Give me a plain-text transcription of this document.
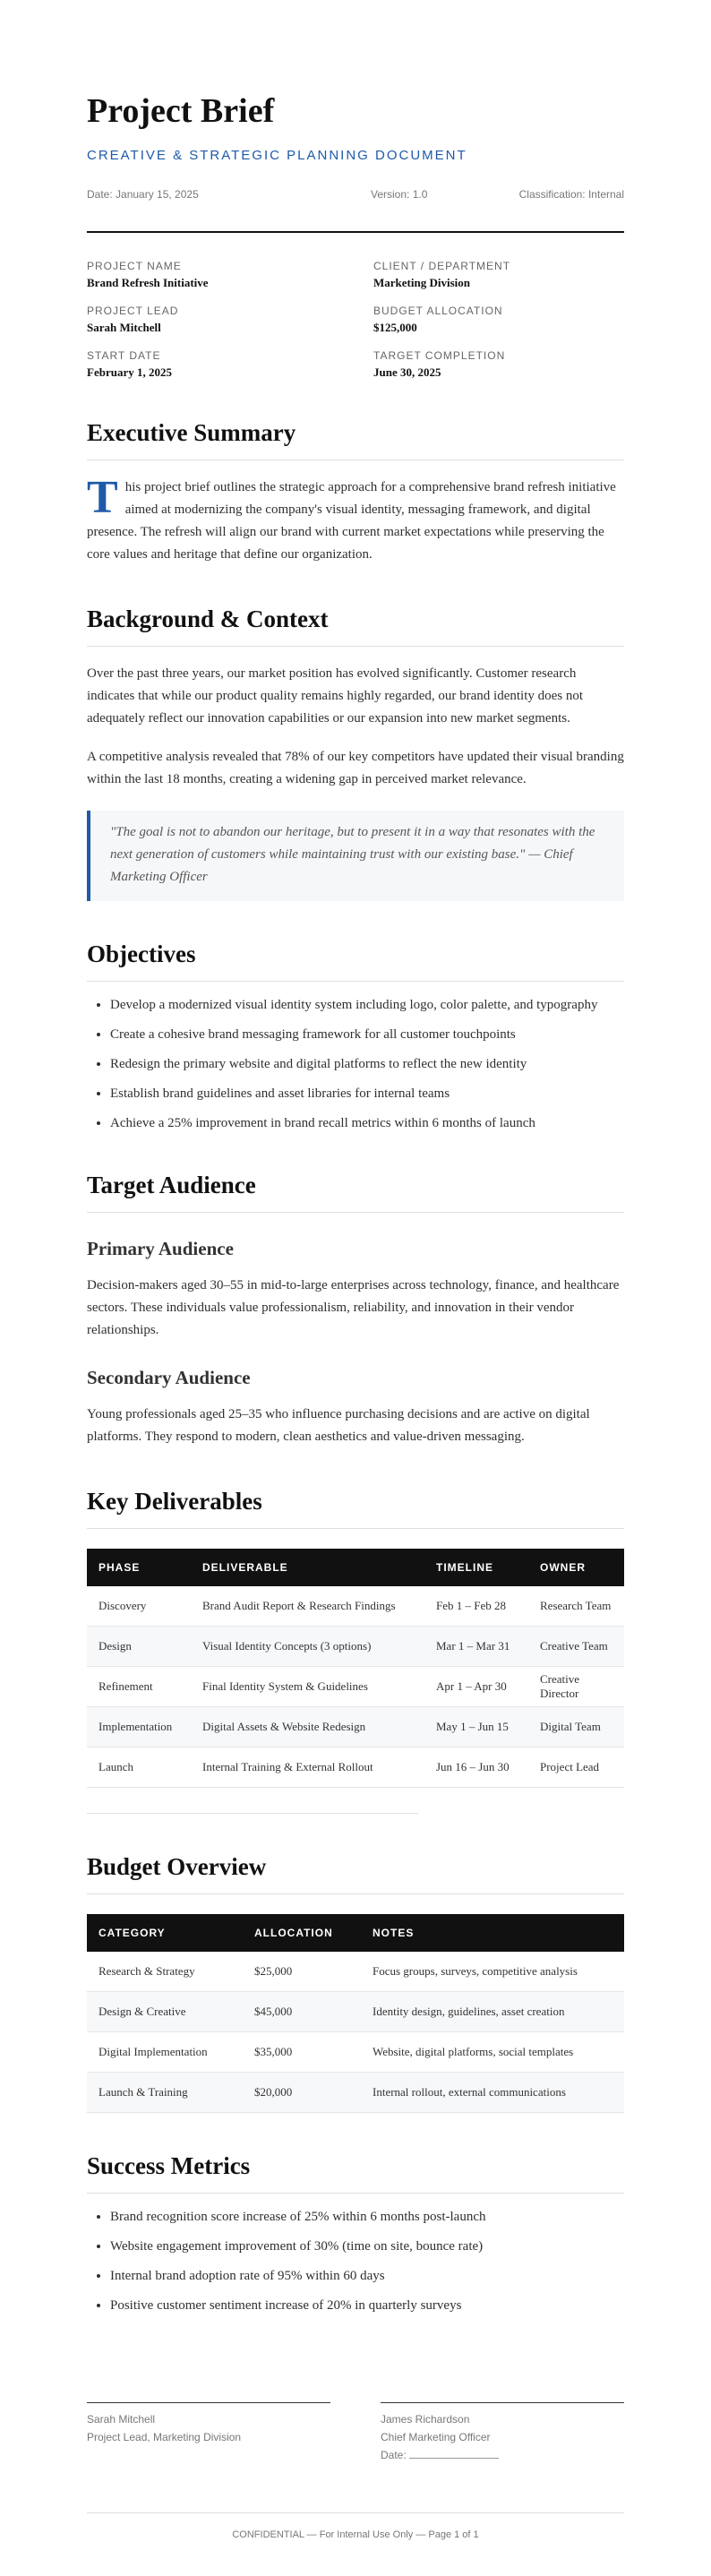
Project Brief
CREATIVE & STRATEGIC PLANNING DOCUMENT
Date: January 15, 2025	Version: 1.0	Classification: Internal
PROJECT NAME
Brand Refresh Initiative
CLIENT / DEPARTMENT
Marketing Division
PROJECT LEAD
Sarah Mitchell
BUDGET ALLOCATION
$125,000
START DATE
February 1, 2025
TARGET COMPLETION
June 30, 2025
Executive Summary

This project brief outlines the strategic approach for a comprehensive brand refresh initiative aimed at modernizing the company's visual identity, messaging framework, and digital presence. The refresh will align our brand with current market expectations while preserving the core values and heritage that define our organization.

Background & Context

Over the past three years, our market position has evolved significantly. Customer research indicates that while our product quality remains highly regarded, our brand identity does not adequately reflect our innovation capabilities or our expansion into new market segments.

A competitive analysis revealed that 78% of our key competitors have updated their visual branding within the last 18 months, creating a widening gap in perceived market relevance.

"The goal is not to abandon our heritage, but to present it in a way that resonates with the next generation of customers while maintaining trust with our existing base." — Chief Marketing Officer
Objectives
• Develop a modernized visual identity system including logo, color palette, and typography
• Create a cohesive brand messaging framework for all customer touchpoints
• Redesign the primary website and digital platforms to reflect the new identity
• Establish brand guidelines and asset libraries for internal teams
• Achieve a 25% improvement in brand recall metrics within 6 months of launch
Target Audience
Primary Audience

Decision-makers aged 30–55 in mid-to-large enterprises across technology, finance, and healthcare sectors. These individuals value professionalism, reliability, and innovation in their vendor relationships.

Secondary Audience

Young professionals aged 25–35 who influence purchasing decisions and are active on digital platforms. They respond to modern, clean aesthetics and value-driven messaging.

Key Deliverables
PHASE	DELIVERABLE	TIMELINE	OWNER
Discovery	Brand Audit Report & Research Findings	Feb 1 – Feb 28	Research Team
Design	Visual Identity Concepts (3 options)	Mar 1 – Mar 31	Creative Team
Refinement	Final Identity System & Guidelines	Apr 1 – Apr 30	Creative Director
Implementation	Digital Assets & Website Redesign	May 1 – Jun 15	Digital Team
Launch	Internal Training & External Rollout	Jun 16 – Jun 30	Project Lead
Budget Overview
CATEGORY	ALLOCATION	NOTES
Research & Strategy	$25,000	Focus groups, surveys, competitive analysis
Design & Creative	$45,000	Identity design, guidelines, asset creation
Digital Implementation	$35,000	Website, digital platforms, social templates
Launch & Training	$20,000	Internal rollout, external communications
Success Metrics
• Brand recognition score increase of 25% within 6 months post-launch
• Website engagement improvement of 30% (time on site, bounce rate)
• Internal brand adoption rate of 95% within 60 days
• Positive customer sentiment increase of 20% in quarterly surveys
Sarah Mitchell
Project Lead, Marketing Division
James Richardson
Chief Marketing Officer
Date:
CONFIDENTIAL — For Internal Use Only — Page 1 of 1
